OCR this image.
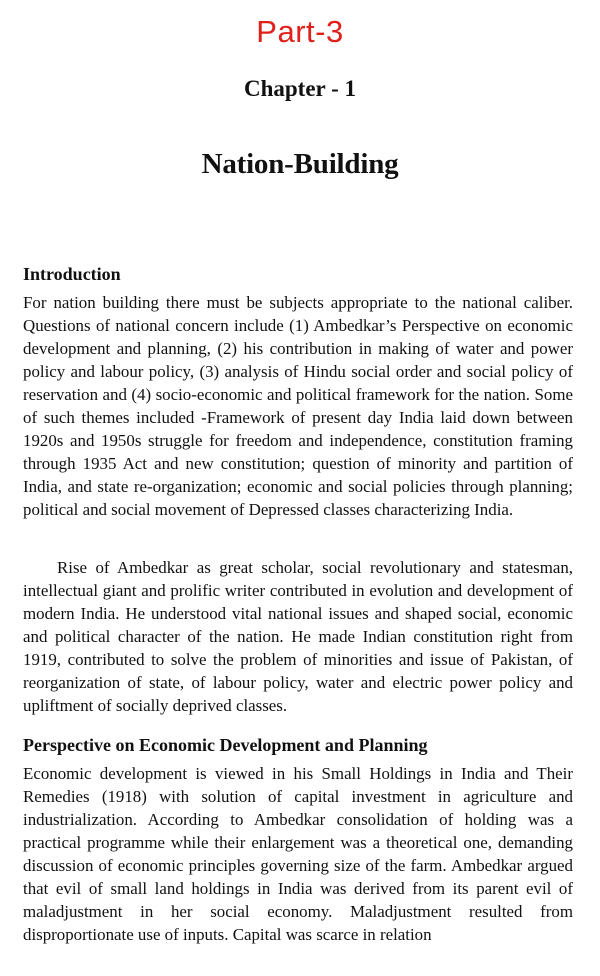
Part-3
Chapter - 1
Nation-Building
Introduction

For nation building there must be subjects appropriate to the national caliber. Questions of national concern include (1) Ambedkar’s Perspective on economic development and planning, (2) his contribution in making of water and power policy and labour policy, (3) analysis of Hindu social order and social policy of reservation and (4) socio-economic and political framework for the nation. Some of such themes included -Framework of present day India laid down between 1920s and 1950s struggle for freedom and independence, constitution framing through 1935 Act and new constitution; question of minority and partition of India, and state re-organization; economic and social policies through planning; political and social movement of Depressed classes characterizing India.

Rise of Ambedkar as great scholar, social revolutionary and statesman, intellectual giant and prolific writer contributed in evolution and development of modern India. He understood vital national issues and shaped social, economic and political character of the nation. He made Indian constitution right from 1919, contributed to solve the problem of minorities and issue of Pakistan, of reorganization of state, of labour policy, water and electric power policy and upliftment of socially deprived classes.

Perspective on Economic Development and Planning

Economic development is viewed in his Small Holdings in India and Their Remedies (1918) with solution of capital investment in agriculture and industrialization. According to Ambedkar consolidation of holding was a practical programme while their enlargement was a theoretical one, demanding discussion of economic principles governing size of the farm. Ambedkar argued that evil of small land holdings in India was derived from its parent evil of maladjustment in her social economy. Maladjustment resulted from disproportionate use of inputs. Capital was scarce in relation
